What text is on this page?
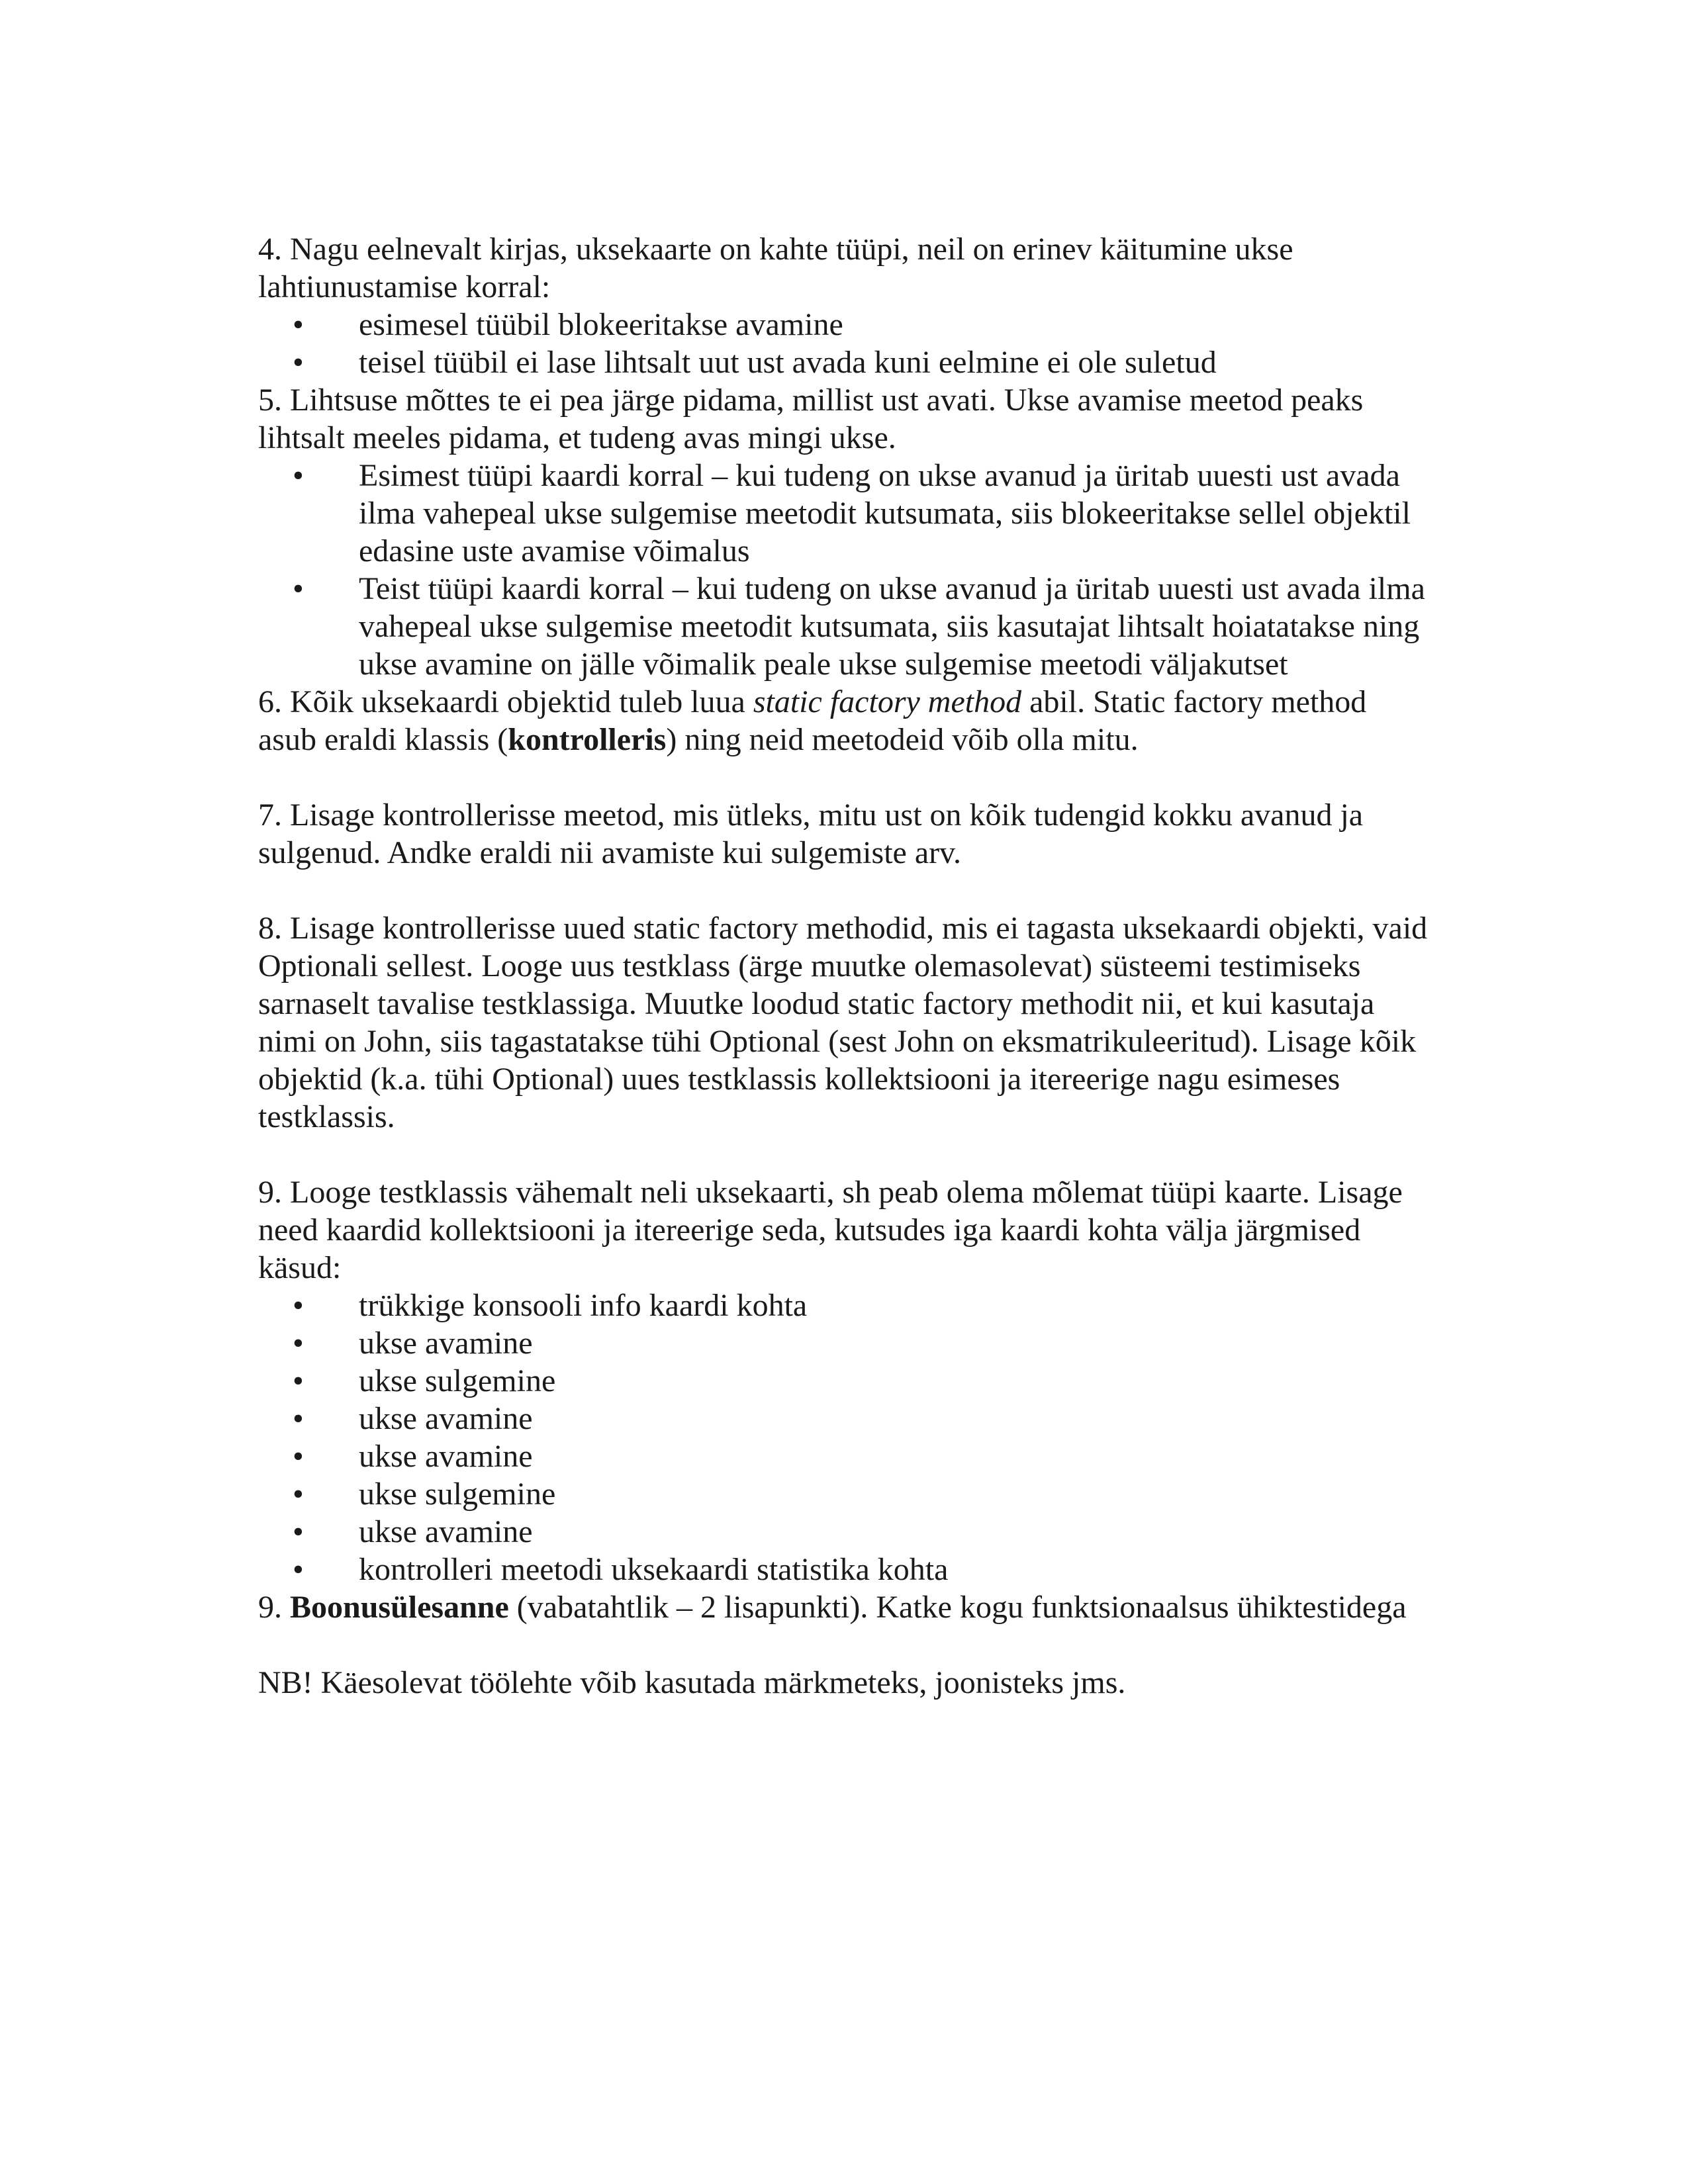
4. Nagu eelnevalt kirjas, uksekaarte on kahte tüüpi, neil on erinev käitumine ukse lahtiunustamise korral:

• esimesel tüübil blokeeritakse avamine
• teisel tüübil ei lase lihtsalt uut ust avada kuni eelmine ei ole suletud

5. Lihtsuse mõttes te ei pea järge pidama, millist ust avati. Ukse avamise meetod peaks lihtsalt meeles pidama, et tudeng avas mingi ukse.

• Esimest tüüpi kaardi korral – kui tudeng on ukse avanud ja üritab uuesti ust avada ilma vahepeal ukse sulgemise meetodit kutsumata, siis blokeeritakse sellel objektil edasine uste avamise võimalus
• Teist tüüpi kaardi korral – kui tudeng on ukse avanud ja üritab uuesti ust avada ilma vahepeal ukse sulgemise meetodit kutsumata, siis kasutajat lihtsalt hoiatatakse ning ukse avamine on jälle võimalik peale ukse sulgemise meetodi väljakutset

6. Kõik uksekaardi objektid tuleb luua static factory method abil. Static factory method asub eraldi klassis (kontrolleris) ning neid meetodeid võib olla mitu.

7. Lisage kontrollerisse meetod, mis ütleks, mitu ust on kõik tudengid kokku avanud ja sulgenud. Andke eraldi nii avamiste kui sulgemiste arv.

8. Lisage kontrollerisse uued static factory methodid, mis ei tagasta uksekaardi objekti, vaid Optionali sellest. Looge uus testklass (ärge muutke olemasolevat) süsteemi testimiseks sarnaselt tavalise testklassiga. Muutke loodud static factory methodit nii, et kui kasutaja nimi on John, siis tagastatakse tühi Optional (sest John on eksmatrikuleeritud). Lisage kõik objektid (k.a. tühi Optional) uues testklassis kollektsiooni ja itereerige nagu esimeses testklassis.

9. Looge testklassis vähemalt neli uksekaarti, sh peab olema mõlemat tüüpi kaarte. Lisage need kaardid kollektsiooni ja itereerige seda, kutsudes iga kaardi kohta välja järgmised käsud:

• trükkige konsooli info kaardi kohta
• ukse avamine
• ukse sulgemine
• ukse avamine
• ukse avamine
• ukse sulgemine
• ukse avamine
• kontrolleri meetodi uksekaardi statistika kohta

9. Boonusülesanne (vabatahtlik – 2 lisapunkti). Katke kogu funktsionaalsus ühiktestidega

NB! Käesolevat töölehte võib kasutada märkmeteks, joonisteks jms.
